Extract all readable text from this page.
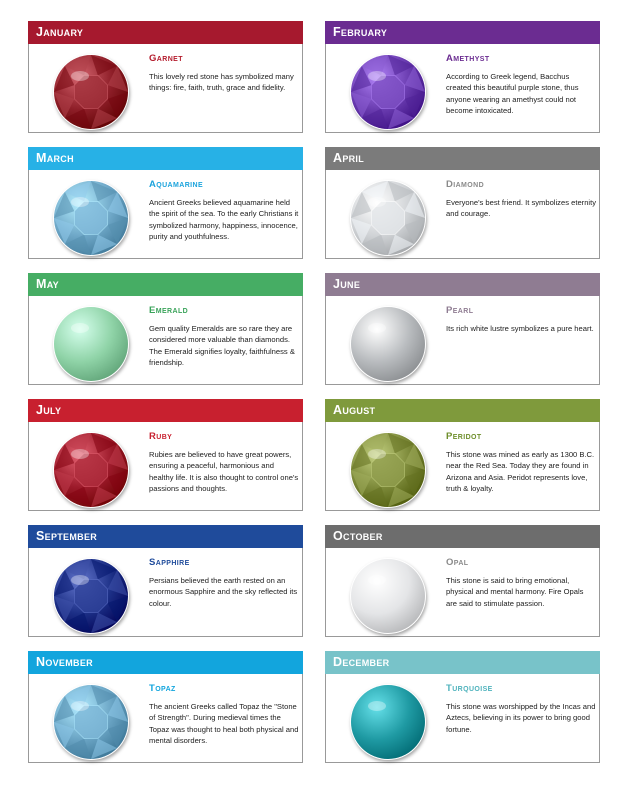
January
Garnet
This lovely red stone has symbolized many things: fire, faith, truth, grace and fidelity.
February
Amethyst
According to Greek legend, Bacchus created this beautiful purple stone, thus anyone wearing an amethyst could not become intoxicated.
March
Aquamarine
Ancient Greeks believed aquamarine held the spirit of the sea. To the early Christians it symbolized harmony, happiness, innocence, purity and youthfulness.
April
Diamond
Everyone's best friend. It symbolizes eternity and courage.
May
Emerald
Gem quality Emeralds are so rare they are considered more valuable than diamonds. The Emerald signifies loyalty, faithfulness & friendship.
June
Pearl
Its rich white lustre symbolizes a pure heart.
July
Ruby
Rubies are believed to have great powers, ensuring a peaceful, harmonious and healthy life. It is also thought to control one's passions and thoughts.
August
Peridot
This stone was mined as early as 1300 B.C. near the Red Sea. Today they are found in Arizona and Asia. Peridot represents love, truth & loyalty.
September
Sapphire
Persians believed the earth rested on an enormous Sapphire and the sky reflected its colour.
October
Opal
This stone is said to bring emotional, physical and mental harmony. Fire Opals are said to stimulate passion.
November
Topaz
The ancient Greeks called Topaz the "Stone of Strength". During medieval times the Topaz was thought to heal both physical and mental disorders.
December
Turquoise
This stone was worshipped by the Incas and Aztecs, believing in its power to bring good fortune.
